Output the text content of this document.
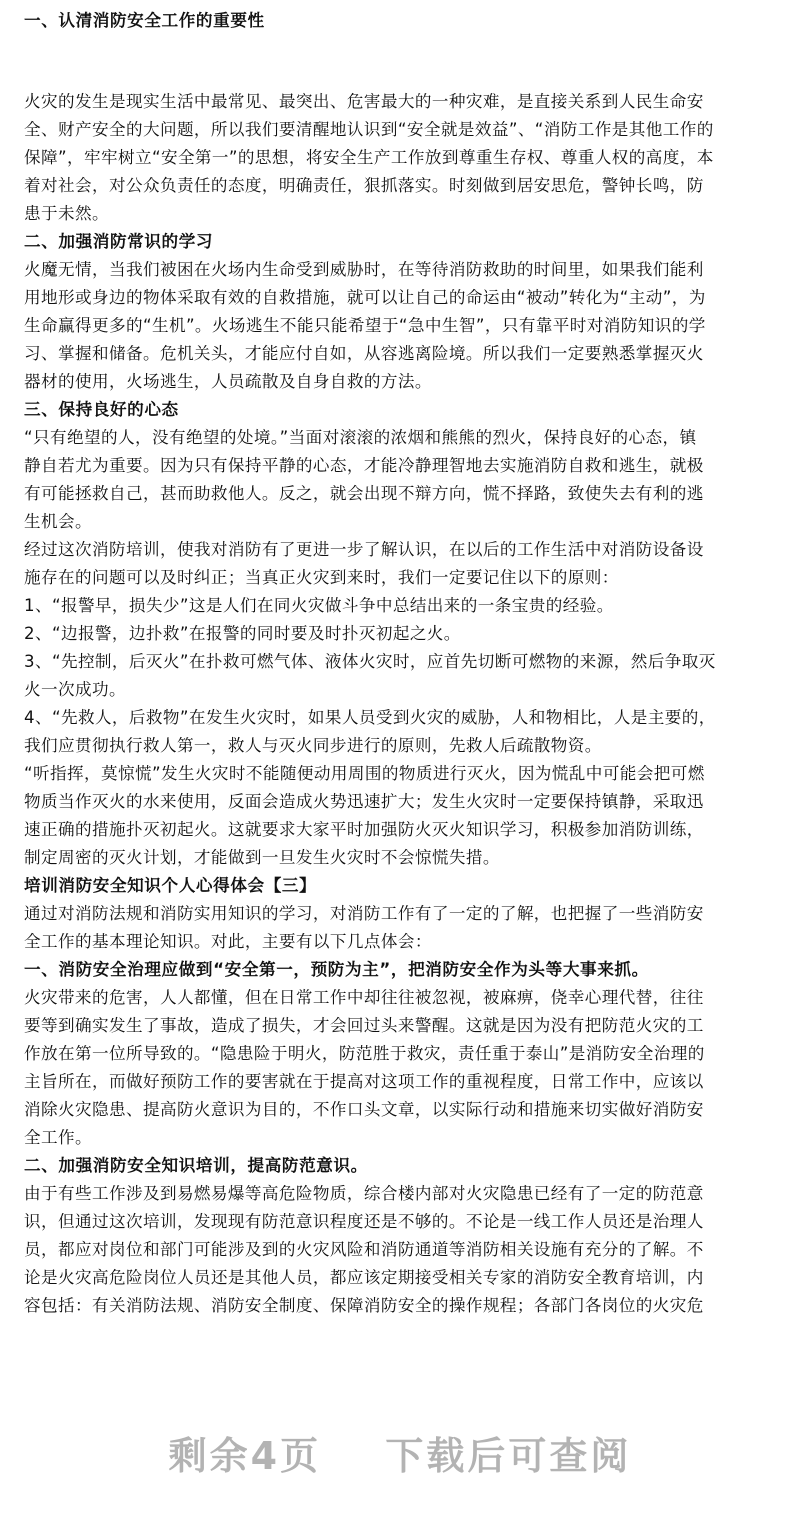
一、认清消防安全工作的重要性
火灾的发生是现实生活中最常见、最突出、危害最大的一种灾难，是直接关系到人民生命安
全、财产安全的大问题，所以我们要清醒地认识到“安全就是效益”、“消防工作是其他工作的
保障”，牢牢树立“安全第一”的思想，将安全生产工作放到尊重生存权、尊重人权的高度，本
着对社会，对公众负责任的态度，明确责任，狠抓落实。时刻做到居安思危，警钟长鸣，防
患于未然。
二、加强消防常识的学习
火魔无情，当我们被困在火场内生命受到威胁时，在等待消防救助的时间里，如果我们能利
用地形或身边的物体采取有效的自救措施，就可以让自己的命运由“被动”转化为“主动”，为
生命赢得更多的“生机”。火场逃生不能只能希望于“急中生智”，只有靠平时对消防知识的学
习、掌握和储备。危机关头，才能应付自如，从容逃离险境。所以我们一定要熟悉掌握灭火
器材的使用，火场逃生，人员疏散及自身自救的方法。
三、保持良好的心态
“只有绝望的人，没有绝望的处境。”当面对滚滚的浓烟和熊熊的烈火，保持良好的心态，镇
静自若尤为重要。因为只有保持平静的心态，才能冷静理智地去实施消防自救和逃生，就极
有可能拯救自己，甚而助救他人。反之，就会出现不辩方向，慌不择路，致使失去有利的逃
生机会。
经过这次消防培训，使我对消防有了更进一步了解认识，在以后的工作生活中对消防设备设
施存在的问题可以及时纠正；当真正火灾到来时，我们一定要记住以下的原则：
1、“报警早，损失少”这是人们在同火灾做斗争中总结出来的一条宝贵的经验。
2、“边报警，边扑救”在报警的同时要及时扑灭初起之火。
3、“先控制，后灭火”在扑救可燃气体、液体火灾时，应首先切断可燃物的来源，然后争取灭
火一次成功。
4、“先救人，后救物”在发生火灾时，如果人员受到火灾的威胁，人和物相比，人是主要的，
我们应贯彻执行救人第一，救人与灭火同步进行的原则，先救人后疏散物资。
“听指挥，莫惊慌”发生火灾时不能随便动用周围的物质进行灭火，因为慌乱中可能会把可燃
物质当作灭火的水来使用，反面会造成火势迅速扩大；发生火灾时一定要保持镇静，采取迅
速正确的措施扑灭初起火。这就要求大家平时加强防火灭火知识学习，积极参加消防训练，
制定周密的灭火计划，才能做到一旦发生火灾时不会惊慌失措。
培训消防安全知识个人心得体会【三】
通过对消防法规和消防实用知识的学习，对消防工作有了一定的了解，也把握了一些消防安
全工作的基本理论知识。对此，主要有以下几点体会：
一、消防安全治理应做到“安全第一，预防为主”，把消防安全作为头等大事来抓。
火灾带来的危害，人人都懂，但在日常工作中却往往被忽视，被麻痹，侥幸心理代替，往往
要等到确实发生了事故，造成了损失，才会回过头来警醒。这就是因为没有把防范火灾的工
作放在第一位所导致的。“隐患险于明火，防范胜于救灾，责任重于泰山”是消防安全治理的
主旨所在，而做好预防工作的要害就在于提高对这项工作的重视程度，日常工作中，应该以
消除火灾隐患、提高防火意识为目的，不作口头文章，以实际行动和措施来切实做好消防安
全工作。
二、加强消防安全知识培训，提高防范意识。
由于有些工作涉及到易燃易爆等高危险物质，综合楼内部对火灾隐患已经有了一定的防范意
识，但通过这次培训，发现现有防范意识程度还是不够的。不论是一线工作人员还是治理人
员，都应对岗位和部门可能涉及到的火灾风险和消防通道等消防相关设施有充分的了解。不
论是火灾高危险岗位人员还是其他人员，都应该定期接受相关专家的消防安全教育培训，内
容包括：有关消防法规、消防安全制度、保障消防安全的操作规程；各部门各岗位的火灾危
剩余4页 下载后可查阅
